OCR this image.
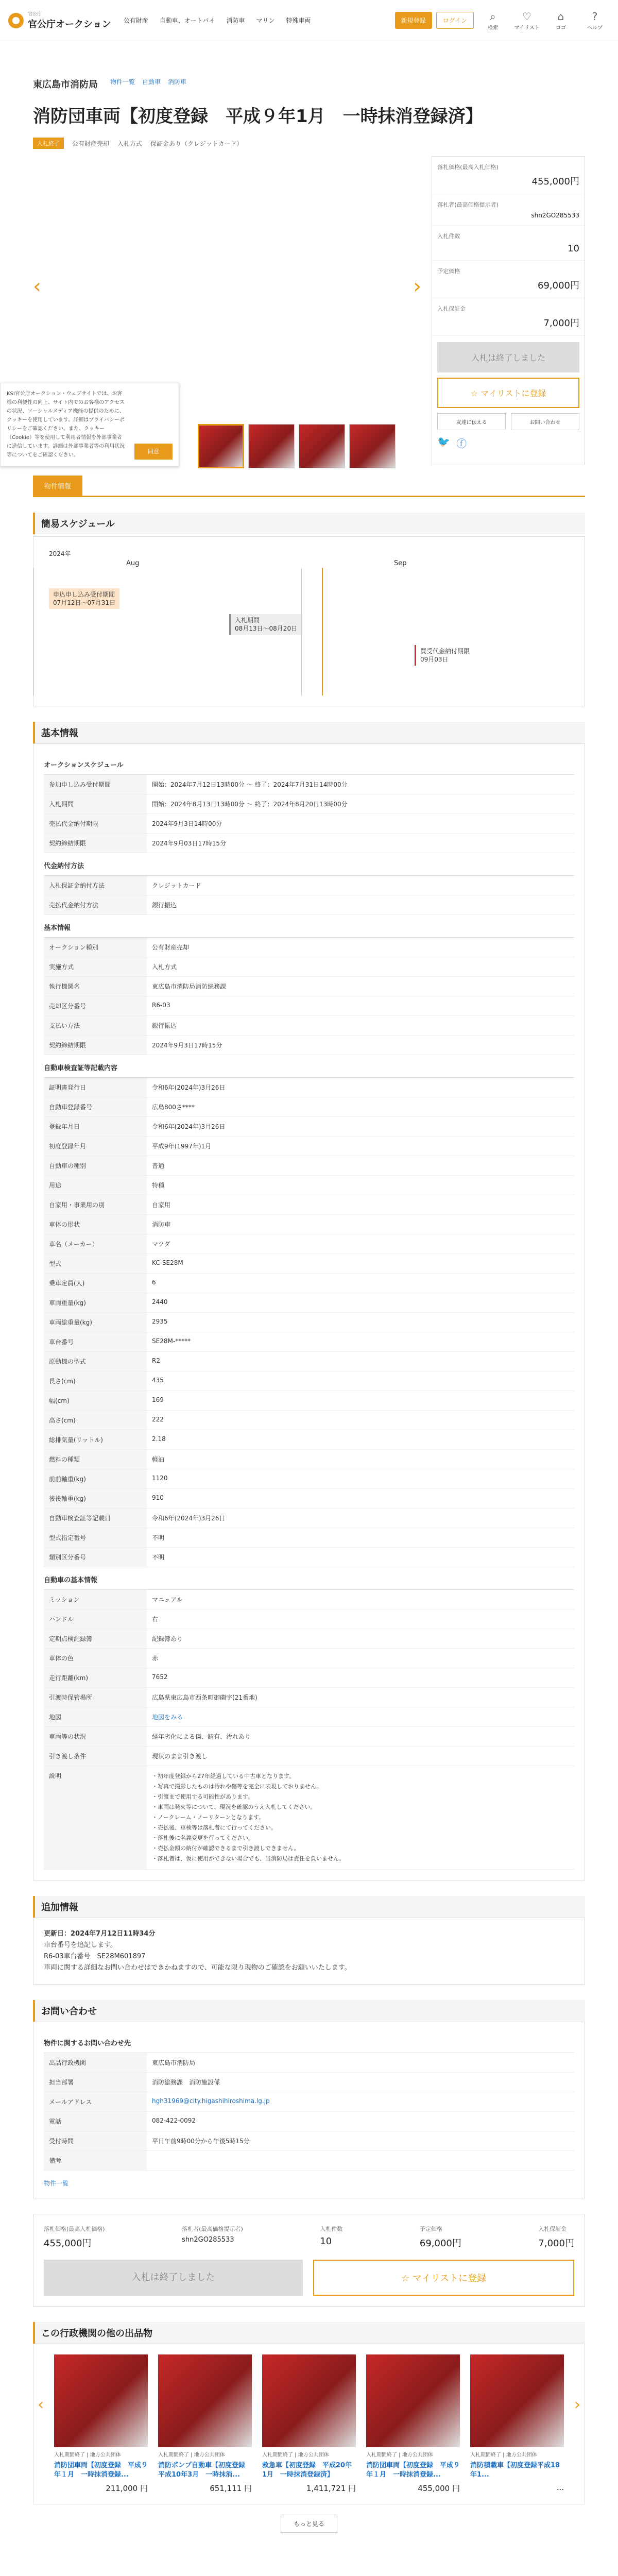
官公庁
官公庁オークション 公有財産 自動車、オートバイ 消防車 マリン 特殊車両	新規登録	ログイン	⌕
検索
♡
マイリスト
⌂
ロゴ
?
ヘルプ
東広島市消防局 物件一覧 自動車 消防車
消防団車両【初度登録　平成９年1月　一時抹消登録済】
入札終了	公有財産売却 入札方式 保証金あり（クレジットカード）
‹	›

KSI官公庁オークション・ウェブサイトでは、お客様の利便性の向上、サイト内でのお客様のアクセスの状況、ソーシャルメディア機能の提供のために、クッキーを使用しています。詳細はプライバシーポリシーをご確認ください。また、クッキー（Cookie）等を使用して利用者情報を外部事業者に送信しています。詳細は外部事業者等の利用状況等についてをご確認ください。

同意
落札価格(最高入札価格)
455,000円
落札者(最高価格提示者)
shn2GO285533
入札件数
10
予定価格
69,000円
入札保証金
7,000円
入札は終了しました
☆ マイリストに登録
友達に伝える	お問い合わせ
🐦 ⓕ
物件情報
簡易スケジュール
2024年
Aug	Sep
申込申し込み受付期間
07月12日〜07月31日
入札期間
08月13日〜08月20日
買受代金納付期限
09月03日
基本情報
オークションスケジュール
参加申し込み受付期間	開始：2024年7月12日13時00分 〜 終了：2024年7月31日14時00分
入札期間	開始：2024年8月13日13時00分 〜 終了：2024年8月20日13時00分
売払代金納付期限	2024年9月3日14時00分
契約締結期限	2024年9月03日17時15分
代金納付方法
入札保証金納付方法	クレジットカード
売払代金納付方法	銀行振込
基本情報
オークション種別	公有財産売却
実施方式	入札方式
執行機関名	東広島市消防局消防総務課
売却区分番号	R6-03
支払い方法	銀行振込
契約締結期限	2024年9月3日17時15分
自動車検査証等記載内容
証明書発行日	令和6年(2024年)3月26日
自動車登録番号	広島800さ****
登録年月日	令和6年(2024年)3月26日
初度登録年月	平成9年(1997年)1月
自動車の種別	普通
用途	特種
自家用・事業用の別	自家用
車体の形状	消防車
車名（メーカー）	マツダ
型式	KC-SE28M
乗車定員(人)	6
車両重量(kg)	2440
車両総重量(kg)	2935
車台番号	SE28M-*****
原動機の型式	R2
長さ(cm)	435
幅(cm)	169
高さ(cm)	222
総排気量(リットル)	2.18
燃料の種類	軽油
前前軸重(kg)	1120
後後軸重(kg)	910
自動車検査証等記載日	令和6年(2024年)3月26日
型式指定番号	不明
類別区分番号	不明
自動車の基本情報
ミッション	マニュアル
ハンドル	右
定期点検記録簿	記録簿あり
車体の色	赤
走行距離(km)	7652
引渡時保管場所	広島県東広島市西条町御薗宇(21番地)
地図	地図をみる
車両等の状況	経年劣化による傷、錆有、汚れあり
引き渡し条件	現状のまま引き渡し
説明	・初年度登録から27年経過している中古車となります。

・写真で撮影したものは汚れや傷等を完全に表現しておりません。

・引渡まで使用する可能性があります。

・車両は発火等について、現況を確認のうえ入札してください。

・ノークレーム・ノーリターンとなります。

・売払後、車検等は落札者にて行ってください。

・落札後に名義変更を行ってください。

・売払金額の納付が確認できるまで引き渡しできません。

・落札者は、仮に使用ができない場合でも、当消防局は責任を負いません。

追加情報

更新日：2024年7月12日11時34分

車台番号を追記します。

R6-03車台番号　SE28M601897

車両に関する詳細なお問い合わせはできかねますので、可能な限り現物のご確認をお願いいたします。

お問い合わせ
物件に関するお問い合わせ先
出品行政機関	東広島市消防局
担当部署	消防総務課　消防施設係
メールアドレス	hgh31969@city.higashihiroshima.lg.jp
電話	082-422-0092
受付時間	平日午前9時00分から午後5時15分
備考
物件一覧
落札価格(最高入札価格)
455,000円
落札者(最高価格提示者)
shn2GO285533
入札件数
10
予定価格
69,000円
入札保証金
7,000円
入札は終了しました	☆ マイリストに登録
この行政機関の他の出品物
‹	›
入札期間終了 | 地方公共団体
消防団車両【初度登録　平成９年１月　一時抹消登録...
211,000 円
入札期間終了 | 地方公共団体
消防ポンプ自動車【初度登録　平成10年3月　一時抹消...
651,111 円
入札期間終了 | 地方公共団体
救急車【初度登録　平成20年1月　一時抹消登録済】
1,411,721 円
入札期間終了 | 地方公共団体
消防団車両【初度登録　平成９年１月　一時抹消登録...
455,000 円
入札期間終了 | 地方公共団体
消防積載車【初度登録平成18年1...
...
もっと見る
